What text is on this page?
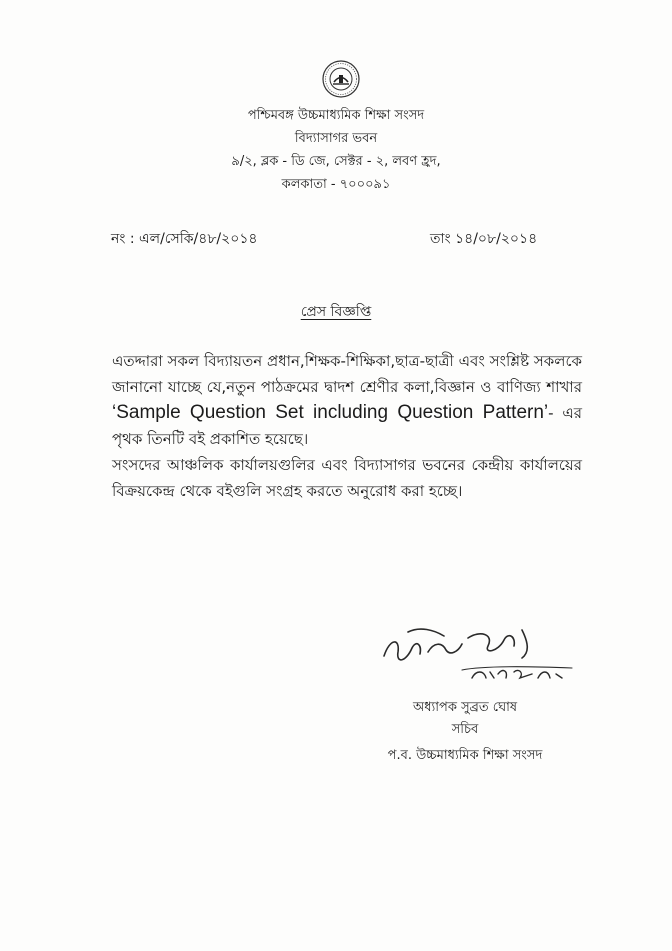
পশ্চিমবঙ্গ উচ্চমাধ্যমিক শিক্ষা সংসদ
বিদ্যাসাগর ভবন
৯/২, ব্লক - ডি জে, সেক্টর - ২, লবণ হ্রদ,
কলকাতা - ৭০০০৯১
নং : এল/সেকি/৪৮/২০১৪	তাং ১৪/০৮/২০১৪
প্রেস বিজ্ঞপ্তি

এতদ্দারা সকল বিদ্যায়তন প্রধান,শিক্ষক-শিক্ষিকা,ছাত্র-ছাত্রী এবং সংশ্লিষ্ট সকলকে জানানো যাচ্ছে যে,নতুন পাঠক্রমের দ্বাদশ শ্রেণীর কলা,বিজ্ঞান ও বাণিজ্য শাখার ‘Sample Question Set including Question Pattern’- এর পৃথক তিনটি বই প্রকাশিত হয়েছে।

সংসদের আঞ্চলিক কার্যালয়গুলির এবং বিদ্যাসাগর ভবনের কেন্দ্রীয় কার্যালয়ের বিক্রয়কেন্দ্র থেকে বইগুলি সংগ্রহ করতে অনুরোধ করা হচ্ছে।

অধ্যাপক সুব্রত ঘোষ
সচিব
প.ব. উচ্চমাধ্যমিক শিক্ষা সংসদ
